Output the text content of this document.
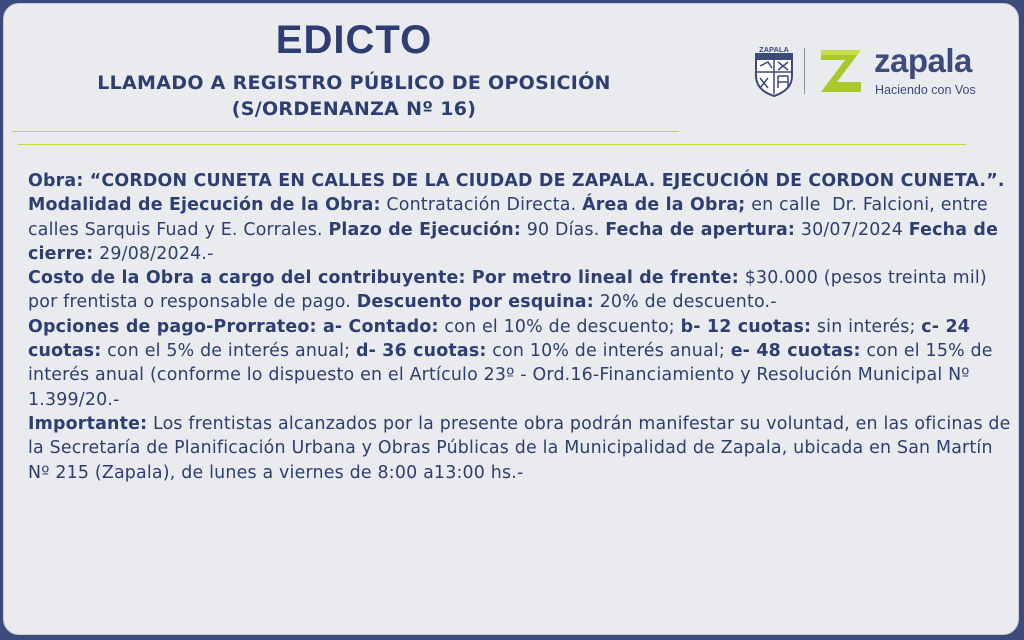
EDICTO
LLAMADO A REGISTRO PÚBLICO DE OPOSICIÓN
(S/ORDENANZA Nº 16)
ZAPALA	zapala
Haciendo con Vos

Obra: “CORDON CUNETA EN CALLES DE LA CIUDAD DE ZAPALA. EJECUCIÓN DE CORDON CUNETA.”. Modalidad de Ejecución de la Obra: Contratación Directa. Área de la Obra; en calle  Dr. Falcioni, entre calles Sarquis Fuad y E. Corrales. Plazo de Ejecución: 90 Días. Fecha de apertura: 30/07/2024 Fecha de cierre: 29/08/2024.-

Costo de la Obra a cargo del contribuyente: Por metro lineal de frente: $30.000 (pesos treinta mil) por frentista o responsable de pago. Descuento por esquina: 20% de descuento.-

Opciones de pago-Prorrateo: a- Contado: con el 10% de descuento; b- 12 cuotas: sin interés; c- 24 cuotas: con el 5% de interés anual; d- 36 cuotas: con 10% de interés anual; e- 48 cuotas: con el 15% de interés anual (conforme lo dispuesto en el Artículo 23º - Ord.16-Financiamiento y Resolución Municipal Nº 1.399/20.-

Importante: Los frentistas alcanzados por la presente obra podrán manifestar su voluntad, en las oficinas de la Secretaría de Planificación Urbana y Obras Públicas de la Municipalidad de Zapala, ubicada en San Martín Nº 215 (Zapala), de lunes a viernes de 8:00 a13:00 hs.-
